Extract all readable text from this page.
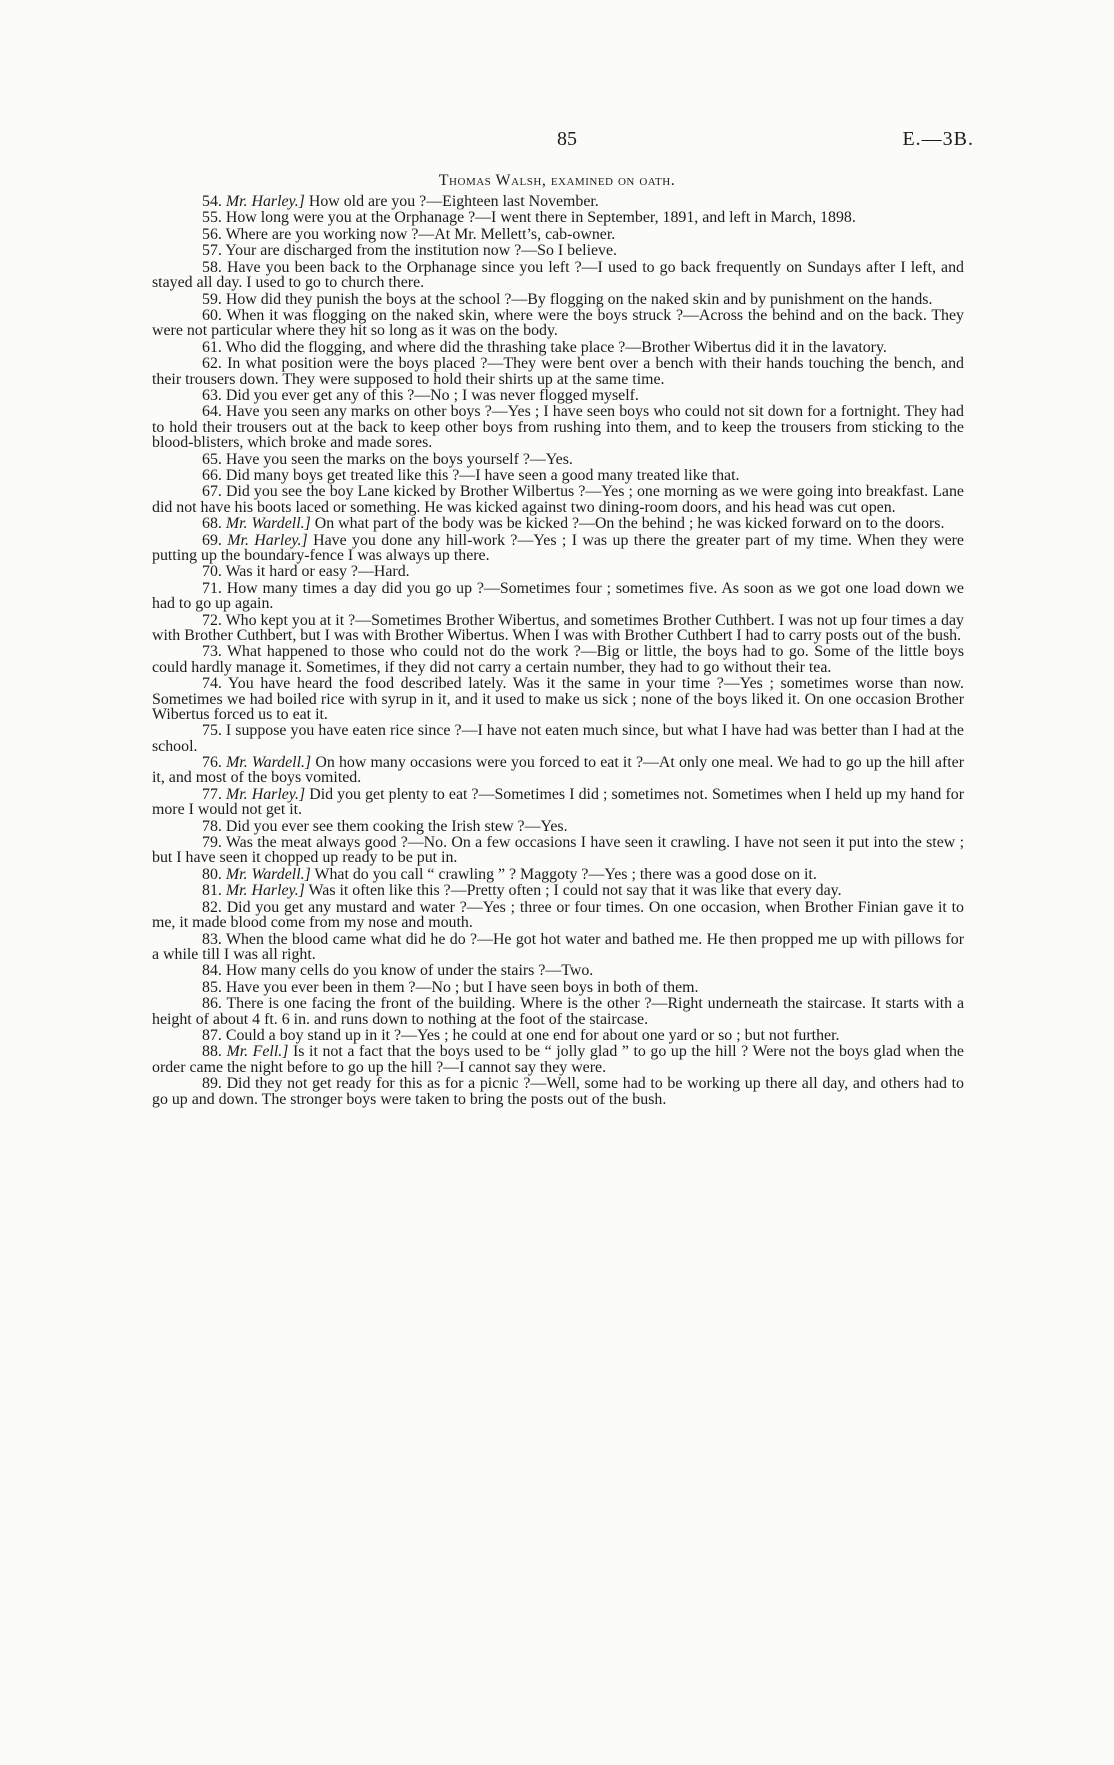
85	E.—3B.
Thomas Walsh, examined on oath.

54. Mr. Harley.] How old are you ?—Eighteen last November.

55. How long were you at the Orphanage ?—I went there in September, 1891, and left in March, 1898.

56. Where are you working now ?—At Mr. Mellett’s, cab-owner.

57. Your are discharged from the institution now ?—So I believe.

58. Have you been back to the Orphanage since you left ?—I used to go back frequently on Sundays after I left, and stayed all day. I used to go to church there.

59. How did they punish the boys at the school ?—By flogging on the naked skin and by punishment on the hands.

60. When it was flogging on the naked skin, where were the boys struck ?—Across the behind and on the back. They were not particular where they hit so long as it was on the body.

61. Who did the flogging, and where did the thrashing take place ?—Brother Wibertus did it in the lavatory.

62. In what position were the boys placed ?—They were bent over a bench with their hands touching the bench, and their trousers down. They were supposed to hold their shirts up at the same time.

63. Did you ever get any of this ?—No ; I was never flogged myself.

64. Have you seen any marks on other boys ?—Yes ; I have seen boys who could not sit down for a fortnight. They had to hold their trousers out at the back to keep other boys from rushing into them, and to keep the trousers from sticking to the blood-blisters, which broke and made sores.

65. Have you seen the marks on the boys yourself ?—Yes.

66. Did many boys get treated like this ?—I have seen a good many treated like that.

67. Did you see the boy Lane kicked by Brother Wilbertus ?—Yes ; one morning as we were going into breakfast. Lane did not have his boots laced or something. He was kicked against two dining-room doors, and his head was cut open.

68. Mr. Wardell.] On what part of the body was be kicked ?—On the behind ; he was kicked forward on to the doors.

69. Mr. Harley.] Have you done any hill-work ?—Yes ; I was up there the greater part of my time. When they were putting up the boundary-fence I was always up there.

70. Was it hard or easy ?—Hard.

71. How many times a day did you go up ?—Sometimes four ; sometimes five. As soon as we got one load down we had to go up again.

72. Who kept you at it ?—Sometimes Brother Wibertus, and sometimes Brother Cuthbert. I was not up four times a day with Brother Cuthbert, but I was with Brother Wibertus. When I was with Brother Cuthbert I had to carry posts out of the bush.

73. What happened to those who could not do the work ?—Big or little, the boys had to go. Some of the little boys could hardly manage it. Sometimes, if they did not carry a certain number, they had to go without their tea.

74. You have heard the food described lately. Was it the same in your time ?—Yes ; sometimes worse than now. Sometimes we had boiled rice with syrup in it, and it used to make us sick ; none of the boys liked it. On one occasion Brother Wibertus forced us to eat it.

75. I suppose you have eaten rice since ?—I have not eaten much since, but what I have had was better than I had at the school.

76. Mr. Wardell.] On how many occasions were you forced to eat it ?—At only one meal. We had to go up the hill after it, and most of the boys vomited.

77. Mr. Harley.] Did you get plenty to eat ?—Sometimes I did ; sometimes not. Sometimes when I held up my hand for more I would not get it.

78. Did you ever see them cooking the Irish stew ?—Yes.

79. Was the meat always good ?—No. On a few occasions I have seen it crawling. I have not seen it put into the stew ; but I have seen it chopped up ready to be put in.

80. Mr. Wardell.] What do you call “ crawling ” ? Maggoty ?—Yes ; there was a good dose on it.

81. Mr. Harley.] Was it often like this ?—Pretty often ; I could not say that it was like that every day.

82. Did you get any mustard and water ?—Yes ; three or four times. On one occasion, when Brother Finian gave it to me, it made blood come from my nose and mouth.

83. When the blood came what did he do ?—He got hot water and bathed me. He then propped me up with pillows for a while till I was all right.

84. How many cells do you know of under the stairs ?—Two.

85. Have you ever been in them ?—No ; but I have seen boys in both of them.

86. There is one facing the front of the building. Where is the other ?—Right underneath the staircase. It starts with a height of about 4 ft. 6 in. and runs down to nothing at the foot of the staircase.

87. Could a boy stand up in it ?—Yes ; he could at one end for about one yard or so ; but not further.

88. Mr. Fell.] Is it not a fact that the boys used to be “ jolly glad ” to go up the hill ? Were not the boys glad when the order came the night before to go up the hill ?—I cannot say they were.

89. Did they not get ready for this as for a picnic ?—Well, some had to be working up there all day, and others had to go up and down. The stronger boys were taken to bring the posts out of the bush.
